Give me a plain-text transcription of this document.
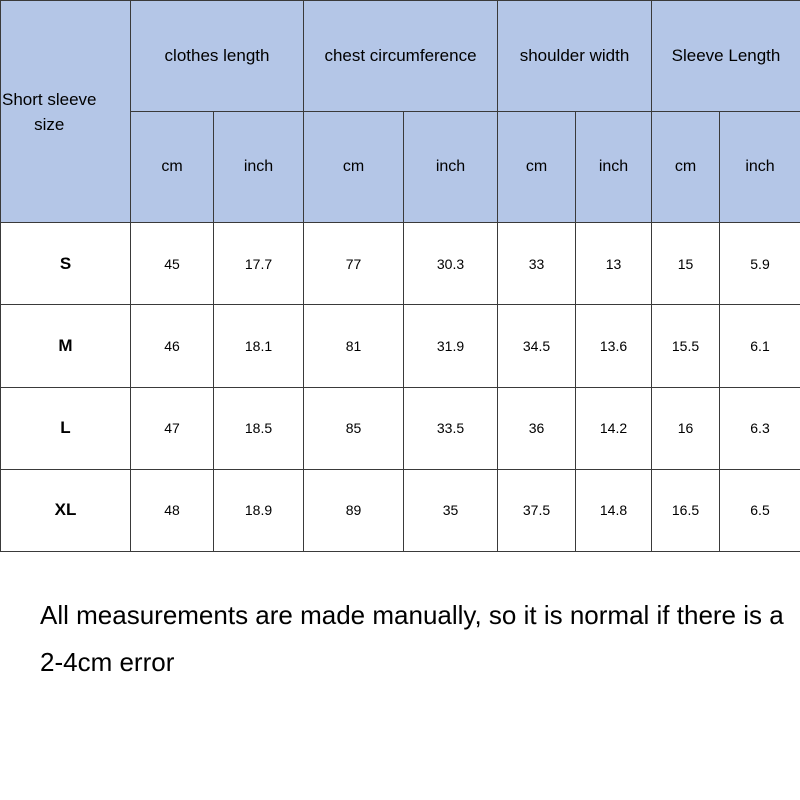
Short sleeve
size	clothes length		chest circumference		shoulder width		Sleeve Length	
	cm	inch	cm	inch	cm	inch	cm	inch
S	45	17.7	77	30.3	33	13	15	5.9
M	46	18.1	81	31.9	34.5	13.6	15.5	6.1
L	47	18.5	85	33.5	36	14.2	16	6.3
XL	48	18.9	89	35	37.5	14.8	16.5	6.5

All measurements are made manually, so it is normal if there is a 2-4cm error
